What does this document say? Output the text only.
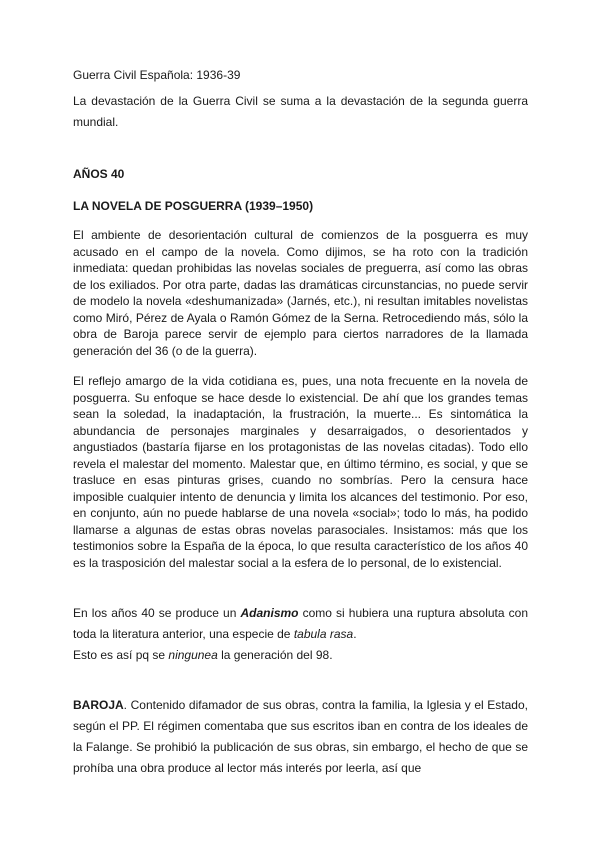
Guerra Civil Española: 1936-39

La devastación de la Guerra Civil se suma a la devastación de la segunda guerra mundial.

AÑOS 40

LA NOVELA DE POSGUERRA (1939–1950)

El ambiente de desorientación cultural de comienzos de la posguerra es muy acusado en el campo de la novela. Como dijimos, se ha roto con la tradición inmediata: quedan prohibidas las novelas sociales de preguerra, así como las obras de los exiliados. Por otra parte, dadas las dramáticas circunstancias, no puede servir de modelo la novela «deshumanizada» (Jarnés, etc.), ni resultan imitables novelistas como Miró, Pérez de Ayala o Ramón Gómez de la Serna. Retrocediendo más, sólo la obra de Baroja parece servir de ejemplo para ciertos narradores de la llamada generación del 36 (o de la guerra).

El reflejo amargo de la vida cotidiana es, pues, una nota frecuente en la novela de posguerra. Su enfoque se hace desde lo existencial. De ahí que los grandes temas sean la soledad, la inadaptación, la frustración, la muerte... Es sintomática la abundancia de personajes marginales y desarraigados, o desorientados y angustiados (bastaría fijarse en los protagonistas de las novelas citadas). Todo ello revela el malestar del momento. Malestar que, en último término, es social, y que se trasluce en esas pinturas grises, cuando no sombrías. Pero la censura hace imposible cualquier intento de denuncia y limita los alcances del testimonio. Por eso, en conjunto, aún no puede hablarse de una novela «social»; todo lo más, ha podido llamarse a algunas de estas obras novelas parasociales. Insistamos: más que los testimonios sobre la España de la época, lo que resulta característico de los años 40 es la trasposición del malestar social a la esfera de lo personal, de lo existencial.

En los años 40 se produce un Adanismo como si hubiera una ruptura absoluta con toda la literatura anterior, una especie de tabula rasa.

Esto es así pq se ningunea la generación del 98.

BAROJA. Contenido difamador de sus obras, contra la familia, la Iglesia y el Estado, según el PP. El régimen comentaba que sus escritos iban en contra de los ideales de la Falange. Se prohibió la publicación de sus obras, sin embargo, el hecho de que se prohíba una obra produce al lector más interés por leerla, así que
